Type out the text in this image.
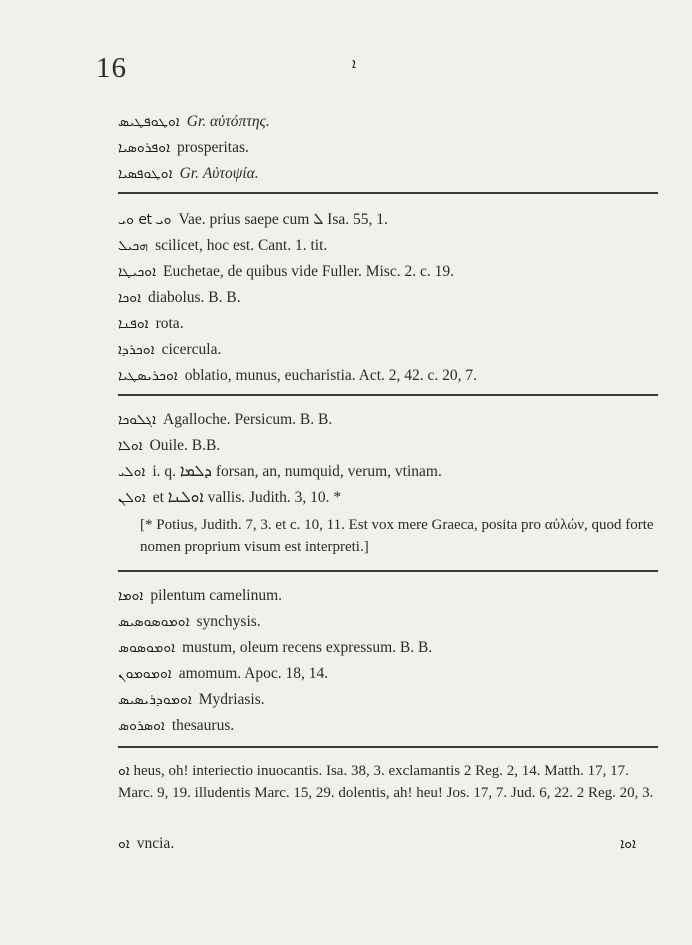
16	ܐ
ܐܘܛܘܦܛܝܣ Gr. αὐτόπτης.
ܐܘܦܪܘܣܝܐ prosperitas.
ܐܘܛܘܦܣܝܐ Gr. Αὐτοψία.
ܘܝ et ܘܝ Vae. prius saepe cum ܠ Isa. 55, 1.
ܗܟܝܠ scilicet, hoc est. Cant. 1. tit.
ܐܘܟܝܛܐ Euchetae, de quibus vide Fuller. Misc. 2. c. 19.
ܐܘܟܐ diabolus. B. B.
ܐܘܦܢܐ rota.
ܐܘܟܪܕܐ cicercula.
ܐܘܟܪܝܣܛܝܐ oblatio, munus, eucharistia. Act. 2, 42. c. 20, 7.
ܐܓܠܘܟܐ Agalloche. Persicum. B. B.
ܐܘܠܐ Ouile. B.B.
ܐܘܠܝ i. q. ܕܠܡܐ forsan, an, numquid, verum, vtinam.
ܐܘܠܢ et ܐܘܠܢܐ vallis. Judith. 3, 10. *
[* Potius, Judith. 7, 3. et c. 10, 11. Est vox mere Graeca, posita pro αὐλών, quod forte nomen proprium visum est interpreti.]
ܐܘܡܐ pilentum camelinum.
ܐܘܡܘܣܘܣܝܣ synchysis.
ܐܘܡܘܣܘܣ mustum, oleum recens expressum. B. B.
ܐܘܡܘܡܘܢ amomum. Apoc. 18, 14.
ܐܘܡܘܕܪܝܣܝܣ Mydriasis.
ܐܘܣܪܘܣ thesaurus.
ܐܘ heus, oh! interiectio inuocantis. Isa. 38, 3. exclamantis 2 Reg. 2, 14. Matth. 17, 17. Marc. 9, 19. illudentis Marc. 15, 29. dolentis, ah! heu! Jos. 17, 7. Jud. 6, 22. 2 Reg. 20, 3.
ܐܘ vncia.	ܐܘܐ
